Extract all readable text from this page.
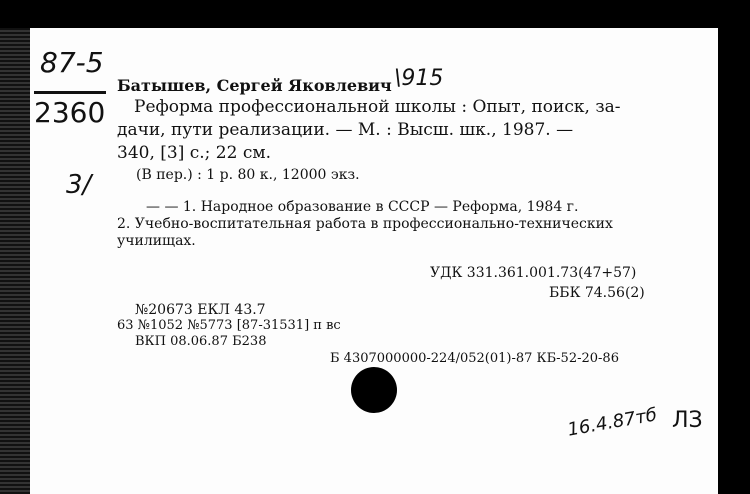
87-5
2360
3/
\915
Батышев, Сергей Яковлевич
Реформа профессиональной школы : Опыт, поиск, за-
дачи, пути реализации. — М. : Высш. шк., 1987. —
340, [3] с.; 22 см.
(В пер.) : 1 р. 80 к., 12000 экз.
— — 1. Народное образование в СССР — Реформа, 1984 г.
2. Учебно-воспитательная работа в профессионально-технических
училищах.
УДК 331.361.001.73(47+57)
ББК 74.56(2)
№20673 ЕКЛ 43.7
63 №1052 №5773 [87-31531] п вс
ВКП 08.06.87 Б238
Б 4307000000-224/052(01)-87 КБ-52-20-86
16.4.87тб ЛЗ
